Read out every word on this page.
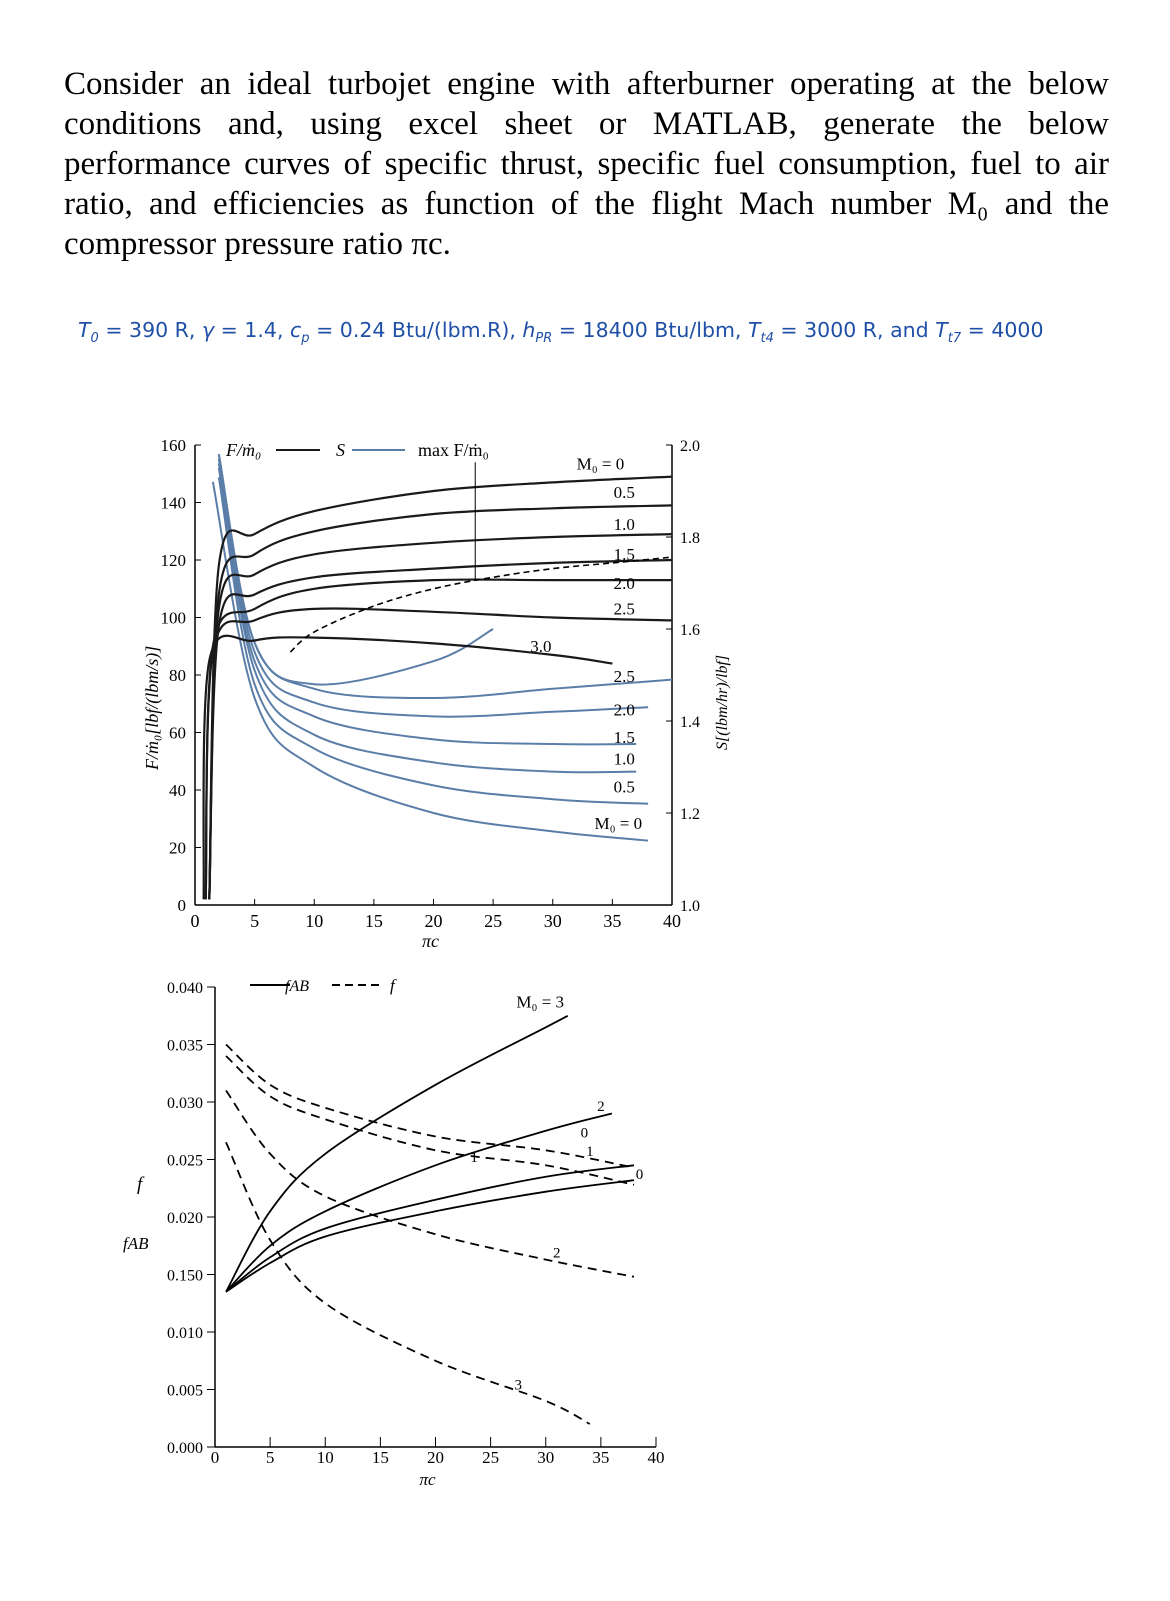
Consider an ideal turbojet engine with afterburner operating at the below conditions and, using excel sheet or MATLAB, generate the below performance curves of specific thrust, specific fuel consumption, fuel to air ratio, and efficiencies as function of the flight Mach number M₀ and the compressor pressure ratio πc.

$T_0 = 390$ R, γ = 1.4, $c_p = 0.24$ Btu/(lbm.R), $h_{PR} = 18400$ Btu/lbm, $T_{t4} = 3000$ R, and $T_{t7} = 4000$

0
20
40
60
80
100
120
140
160
1.0
1.2
1.4
1.6
1.8
2.0
0	5	10 15 20 25 30 35 40
πc
F/ṁ₀[lbf/(lbm/s)]	S[(lbm/hr)/lbf]
F/ṁ₀	S	max F/ṁ₀
M₀ = 0
0.5
1.0
1.5
2.0
2.5
3.0
2.5
2.0
1.5
1.0
0.5
M₀ = 0
0.000
0.005
0.010
0.150
0.020
0.025
0.030
0.035
0.040
0	5 10 15 20 25 30 35 40
πc
f
fAB
fAB	f
M₀ = 3
2
1
0
0
1
2
3
